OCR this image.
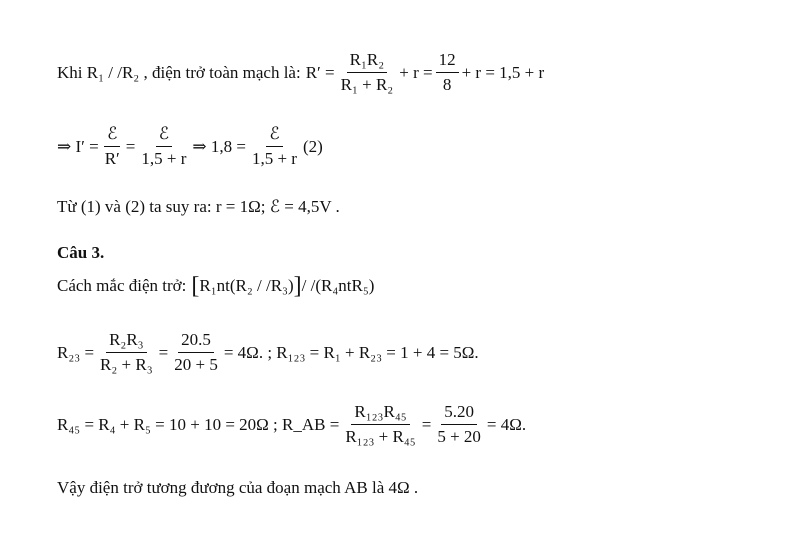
Khi R₁ / /R₂ , điện trở toàn mạch là: $R' = \frac{\text{R₁R₂}}{\text{R₁ + R₂}} + r = \frac{12}{8} + r = 1,5 + r$
⇒ $I' = \frac{\text{ℰ}}{R'} = \frac{\text{ℰ}}{1,5 + r}$ ⇒ $1,8 = \frac{\text{ℰ}}{1,5 + r} (2)$
Từ (1) và (2) ta suy ra: r = 1Ω; ℰ = 4,5V .
Câu 3.
Cách mắc điện trở: [ R₁nt(R₂ / /R₃) ] / /(R₄ntR₅)
$R_{23} = \frac{\text{R₂R₃}}{\text{R₂ + R₃}} = \frac{20.5}{20 + 5} = 4\Omega$. ; R₁₂₃ = R₁ + R₂₃ = 1 + 4 = 5Ω.
R₄₅ = R₄ + R₅ = 10 + 10 = 20Ω ; R_AB = $\frac{\text{R₁₂₃R₄₅}}{\text{R₁₂₃ + R₄₅}} = \frac{5.20}{5 + 20} = 4\Omega$.
Vậy điện trở tương đương của đoạn mạch AB là 4Ω .
